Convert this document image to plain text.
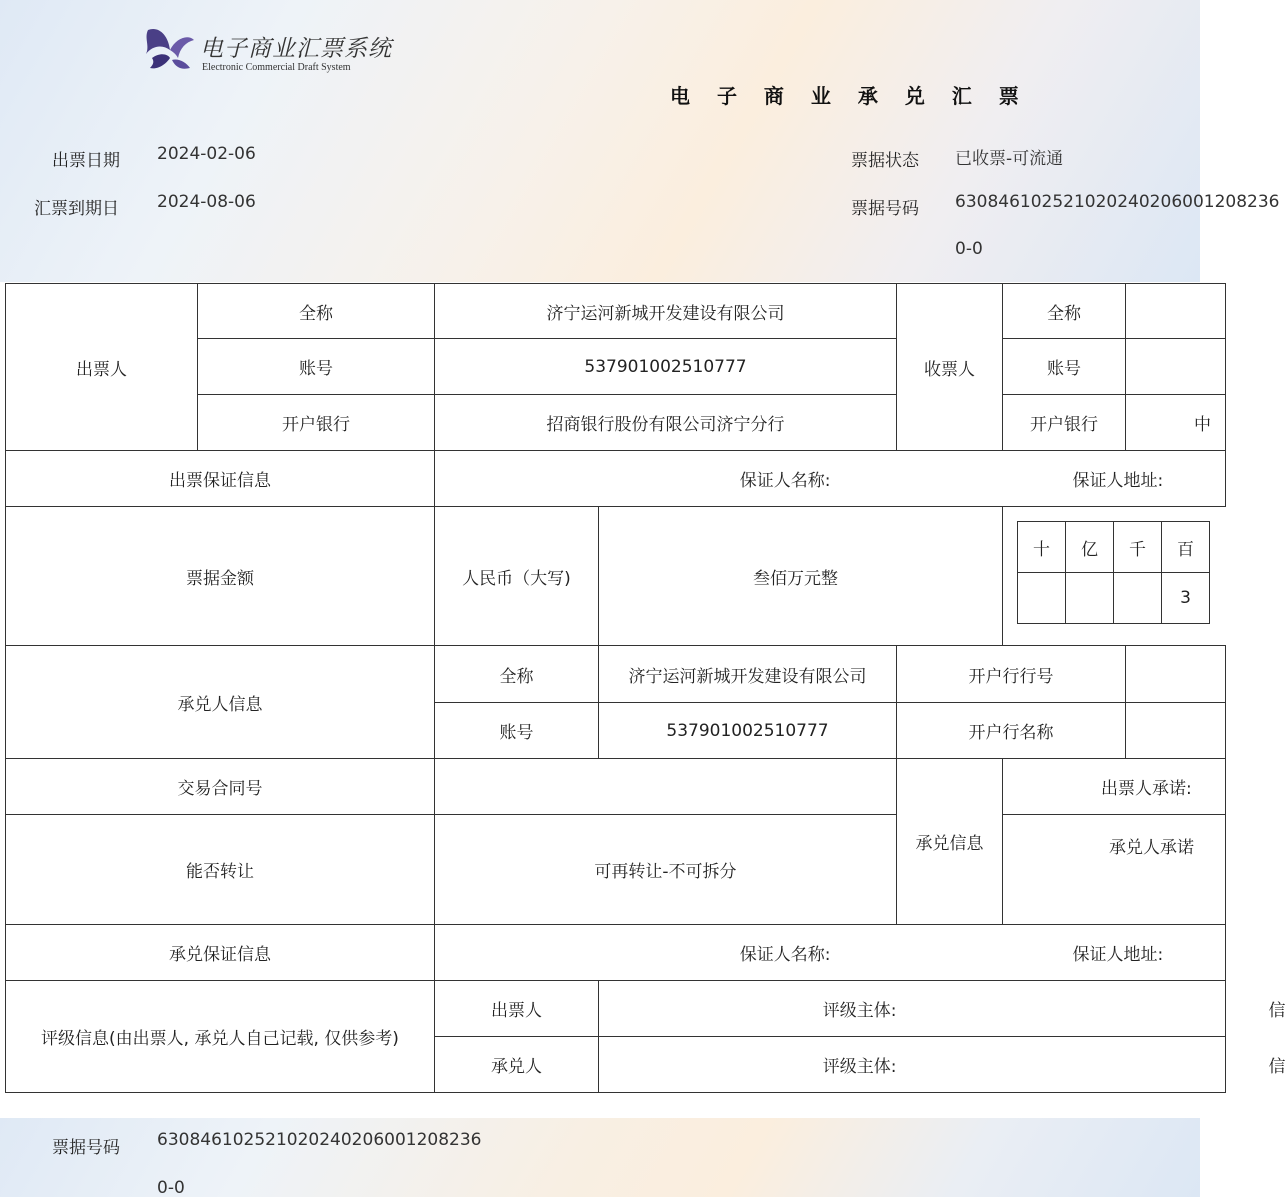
电子商业汇票系统
Electronic Commercial Draft System
电 子 商 业 承 兑 汇 票
出票日期 2024-02-06
汇票到期日 2024-08-06
票据状态 已收票-可流通
票据号码 630846102521020240206001208236
0-0
出票人	全称	济宁运河新城开发建设有限公司	收票人	全称	
账号	537901002510777	账号	
开户银行	招商银行股份有限公司济宁分行	开户银行	中
出票保证信息	保证人名称:	保证人地址:
票据金额	人民币（大写)	叁佰万元整	
十	亿	千	百
			3

承兑人信息	全称	济宁运河新城开发建设有限公司	开户行行号	
账号	537901002510777	开户行名称	
交易合同号		承兑信息	出票人承诺:
能否转让	可再转让-不可拆分	承兑人承诺
承兑保证信息	保证人名称:	保证人地址:
评级信息(由出票人, 承兑人自己记载, 仅供参考)	出票人	评级主体:	信
承兑人	评级主体:	信
票据号码 630846102521020240206001208236
0-0
